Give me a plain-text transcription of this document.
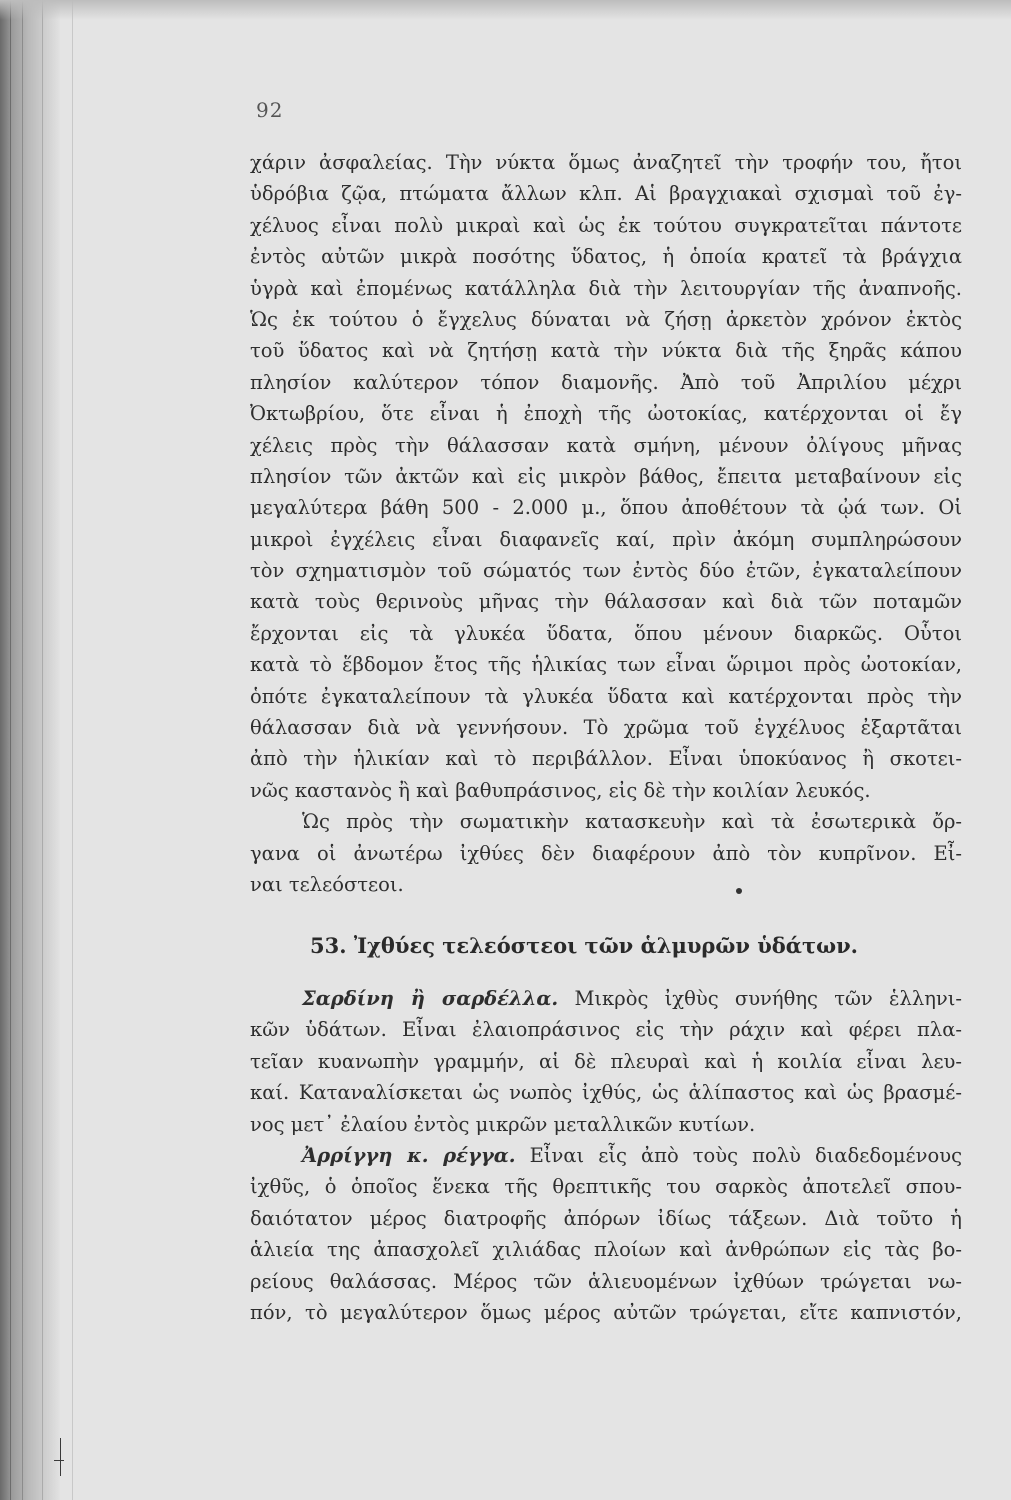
92
χάριν ἀσφαλείας. Τὴν νύκτα ὅμως ἀναζητεῖ τὴν τροφήν του, ἤτοι
ὑδρόβια ζῷα, πτώματα ἄλλων κλπ. Αἱ βραγχιακαὶ σχισμαὶ τοῦ ἐγ-
χέλυος εἶναι πολὺ μικραὶ καὶ ὡς ἐκ τούτου συγκρατεῖται πάντοτε
ἐντὸς αὐτῶν μικρὰ ποσότης ὕδατος, ἡ ὁποία κρατεῖ τὰ βράγχια
ὑγρὰ καὶ ἐπομένως κατάλληλα διὰ τὴν λειτουργίαν τῆς ἀναπνοῆς.
Ὡς ἐκ τούτου ὁ ἔγχελυς δύναται νὰ ζήσῃ ἀρκετὸν χρόνον ἐκτὸς
τοῦ ὕδατος καὶ νὰ ζητήσῃ κατὰ τὴν νύκτα διὰ τῆς ξηρᾶς κάπου
πλησίον καλύτερον τόπον διαμονῆς. Ἀπὸ τοῦ Ἀπριλίου μέχρι
Ὀκτωβρίου, ὅτε εἶναι ἡ ἐποχὴ τῆς ὠοτοκίας, κατέρχονται οἱ ἔγ
χέλεις πρὸς τὴν θάλασσαν κατὰ σμήνη, μένουν ὀλίγους μῆνας
πλησίον τῶν ἀκτῶν καὶ εἰς μικρὸν βάθος, ἔπειτα μεταβαίνουν εἰς
μεγαλύτερα βάθη 500 - 2.000 μ., ὅπου ἀποθέτουν τὰ ᾠά των. Οἱ
μικροὶ ἐγχέλεις εἶναι διαφανεῖς καί, πρὶν ἀκόμη συμπληρώσουν
τὸν σχηματισμὸν τοῦ σώματός των ἐντὸς δύο ἐτῶν, ἐγκαταλείπουν
κατὰ τοὺς θερινοὺς μῆνας τὴν θάλασσαν καὶ διὰ τῶν ποταμῶν
ἔρχονται εἰς τὰ γλυκέα ὕδατα, ὅπου μένουν διαρκῶς. Οὗτοι
κατὰ τὸ ἕβδομον ἔτος τῆς ἡλικίας των εἶναι ὥριμοι πρὸς ὠοτοκίαν,
ὁπότε ἐγκαταλείπουν τὰ γλυκέα ὕδατα καὶ κατέρχονται πρὸς τὴν
θάλασσαν διὰ νὰ γεννήσουν. Τὸ χρῶμα τοῦ ἐγχέλυος ἐξαρτᾶται
ἀπὸ τὴν ἡλικίαν καὶ τὸ περιβάλλον. Εἶναι ὑποκύανος ἢ σκοτει-
νῶς καστανὸς ἢ καὶ βαθυπράσινος, εἰς δὲ τὴν κοιλίαν λευκός.
Ὡς πρὸς τὴν σωματικὴν κατασκευὴν καὶ τὰ ἐσωτερικὰ ὄρ-
γανα οἱ ἀνωτέρω ἰχθύες δὲν διαφέρουν ἀπὸ τὸν κυπρῖνον. Εἶ-
ναι τελεόστεοι.
53. Ἰχθύες τελεόστεοι τῶν ἁλμυρῶν ὑδάτων.
Σαρδίνη ἢ σαρδέλλα. Μικρὸς ἰχθὺς συνήθης τῶν ἑλληνι-
κῶν ὑδάτων. Εἶναι ἐλαιοπράσινος εἰς τὴν ράχιν καὶ φέρει πλα-
τεῖαν κυανωπὴν γραμμήν, αἱ δὲ πλευραὶ καὶ ἡ κοιλία εἶναι λευ-
καί. Καταναλίσκεται ὡς νωπὸς ἰχθύς, ὡς ἁλίπαστος καὶ ὡς βρασμέ-
νος μετ᾽ ἐλαίου ἐντὸς μικρῶν μεταλλικῶν κυτίων.
Ἀρρίγγη κ. ρέγγα. Εἶναι εἷς ἀπὸ τοὺς πολὺ διαδεδομένους
ἰχθῦς, ὁ ὁποῖος ἕνεκα τῆς θρεπτικῆς του σαρκὸς ἀποτελεῖ σπου-
δαιότατον μέρος διατροφῆς ἀπόρων ἰδίως τάξεων. Διὰ τοῦτο ἡ
ἁλιεία της ἀπασχολεῖ χιλιάδας πλοίων καὶ ἀνθρώπων εἰς τὰς βο-
ρείους θαλάσσας. Μέρος τῶν ἁλιευομένων ἰχθύων τρώγεται νω-
πόν, τὸ μεγαλύτερον ὅμως μέρος αὐτῶν τρώγεται, εἴτε καπνιστόν,
